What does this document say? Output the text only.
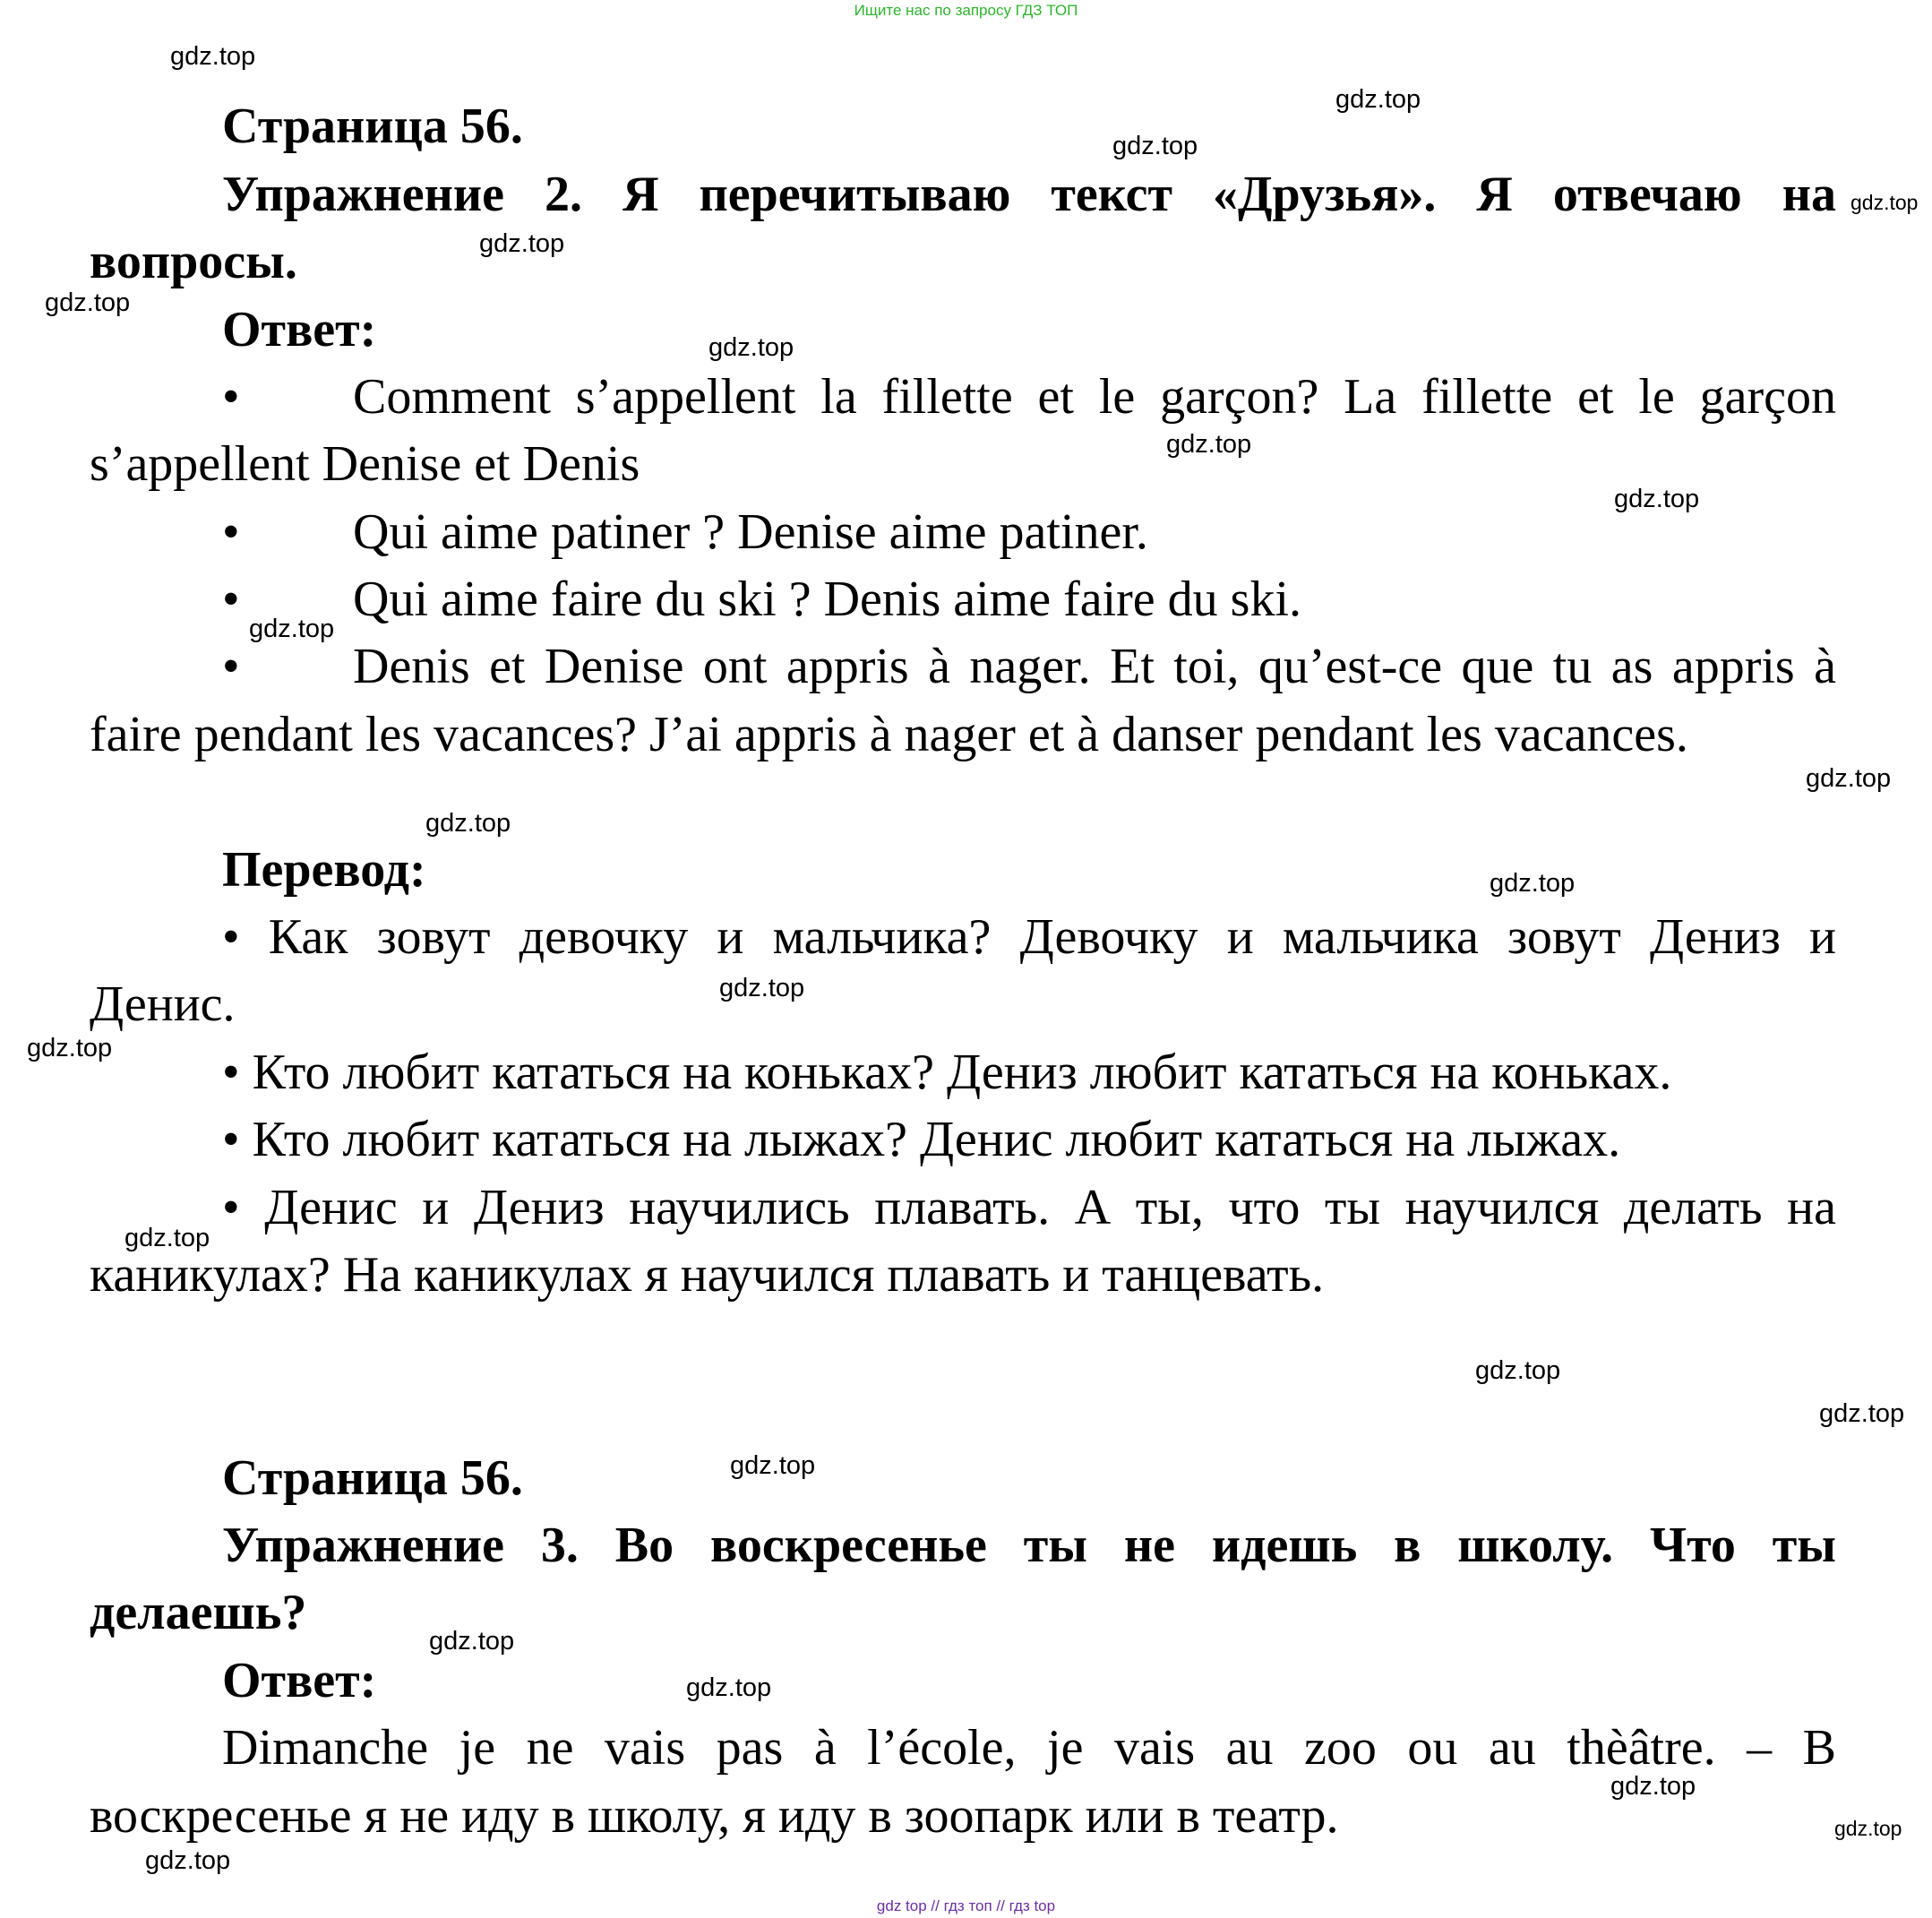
Ищите нас по запросу ГДЗ ТОП
Страница 56.
Упражнение 2. Я перечитываю текст «Друзья». Я отвечаю на
вопросы.
Ответ:
• Comment s’appellent la fillette et le garçon? La fillette et le garçon
s’appellent Denise et Denis
• Qui aime patiner ? Denise aime patiner.
• Qui aime faire du ski ? Denis aime faire du ski.
• Denis et Denise ont appris à nager. Et toi, qu’est-ce que tu as appris à
faire pendant les vacances? J’ai appris à nager et à danser pendant les vacances.
Перевод:
• Как зовут девочку и мальчика? Девочку и мальчика зовут Дениз и
Денис.
• Кто любит кататься на коньках? Дениз любит кататься на коньках.
• Кто любит кататься на лыжах? Денис любит кататься на лыжах.
• Денис и Дениз научились плавать. А ты, что ты научился делать на
каникулах? На каникулах я научился плавать и танцевать.
Страница 56.
Упражнение 3. Во воскресенье ты не идешь в школу. Что ты
делаешь?
Ответ:
Dimanche je ne vais pas à l’école, je vais au zoo ou au thèâtre. – В
воскресенье я не иду в школу, я иду в зоопарк или в театр.
gdz.top
gdz.top
gdz.top
gdz.top
gdz.top
gdz.top
gdz.top
gdz.top
gdz.top
gdz.top
gdz.top
gdz.top
gdz.top
gdz.top
gdz.top
gdz.top
gdz.top
gdz.top
gdz.top
gdz.top
gdz.top
gdz.top
gdz.top
gdz.top
gdz top // гдз топ // гдз top
